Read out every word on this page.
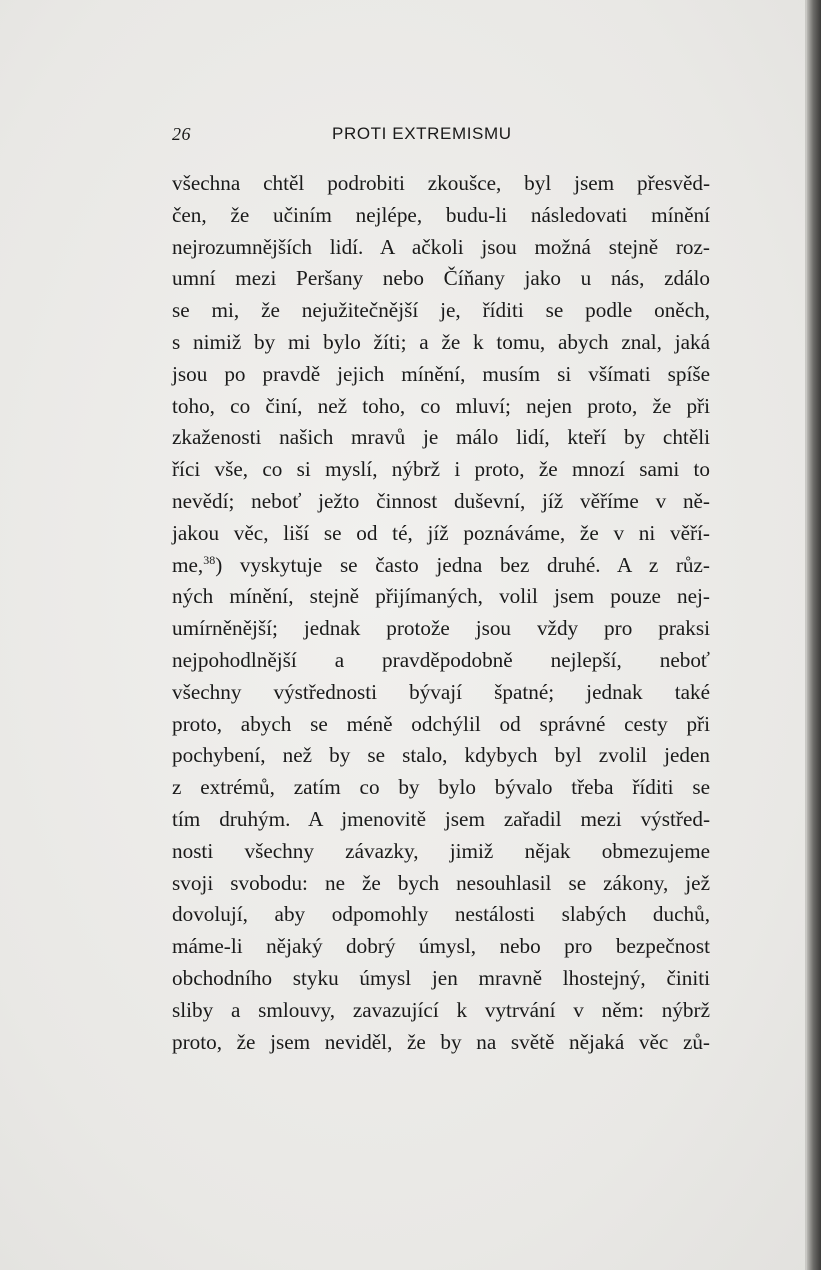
26	PROTI EXTREMISMU
všechna chtěl podrobiti zkoušce, byl jsem přesvěd-
čen, že učiním nejlépe, budu-li následovati mínění
nejrozumnějších lidí. A ačkoli jsou možná stejně roz-
umní mezi Peršany nebo Číňany jako u nás, zdálo
se mi, že nejužitečnější je, říditi se podle oněch,
s nimiž by mi bylo žíti; a že k tomu, abych znal, jaká
jsou po pravdě jejich mínění, musím si všímati spíše
toho, co činí, než toho, co mluví; nejen proto, že při
zkaženosti našich mravů je málo lidí, kteří by chtěli
říci vše, co si myslí, nýbrž i proto, že mnozí sami to
nevědí; neboť ježto činnost duševní, jíž věříme v ně-
jakou věc, liší se od té, jíž poznáváme, že v ni věří-
me,$^{38}$) vyskytuje se často jedna bez druhé. A z růz-
ných mínění, stejně přijímaných, volil jsem pouze nej-
umírněnější; jednak protože jsou vždy pro praksi
nejpohodlnější a pravděpodobně nejlepší, neboť
všechny výstřednosti bývají špatné; jednak také
proto, abych se méně odchýlil od správné cesty při
pochybení, než by se stalo, kdybych byl zvolil jeden
z extrémů, zatím co by bylo bývalo třeba říditi se
tím druhým. A jmenovitě jsem zařadil mezi výstřed-
nosti všechny závazky, jimiž nějak obmezujeme
svoji svobodu: ne že bych nesouhlasil se zákony, jež
dovolují, aby odpomohly nestálosti slabých duchů,
máme-li nějaký dobrý úmysl, nebo pro bezpečnost
obchodního styku úmysl jen mravně lhostejný, činiti
sliby a smlouvy, zavazující k vytrvání v něm: nýbrž
proto, že jsem neviděl, že by na světě nějaká věc zů-
